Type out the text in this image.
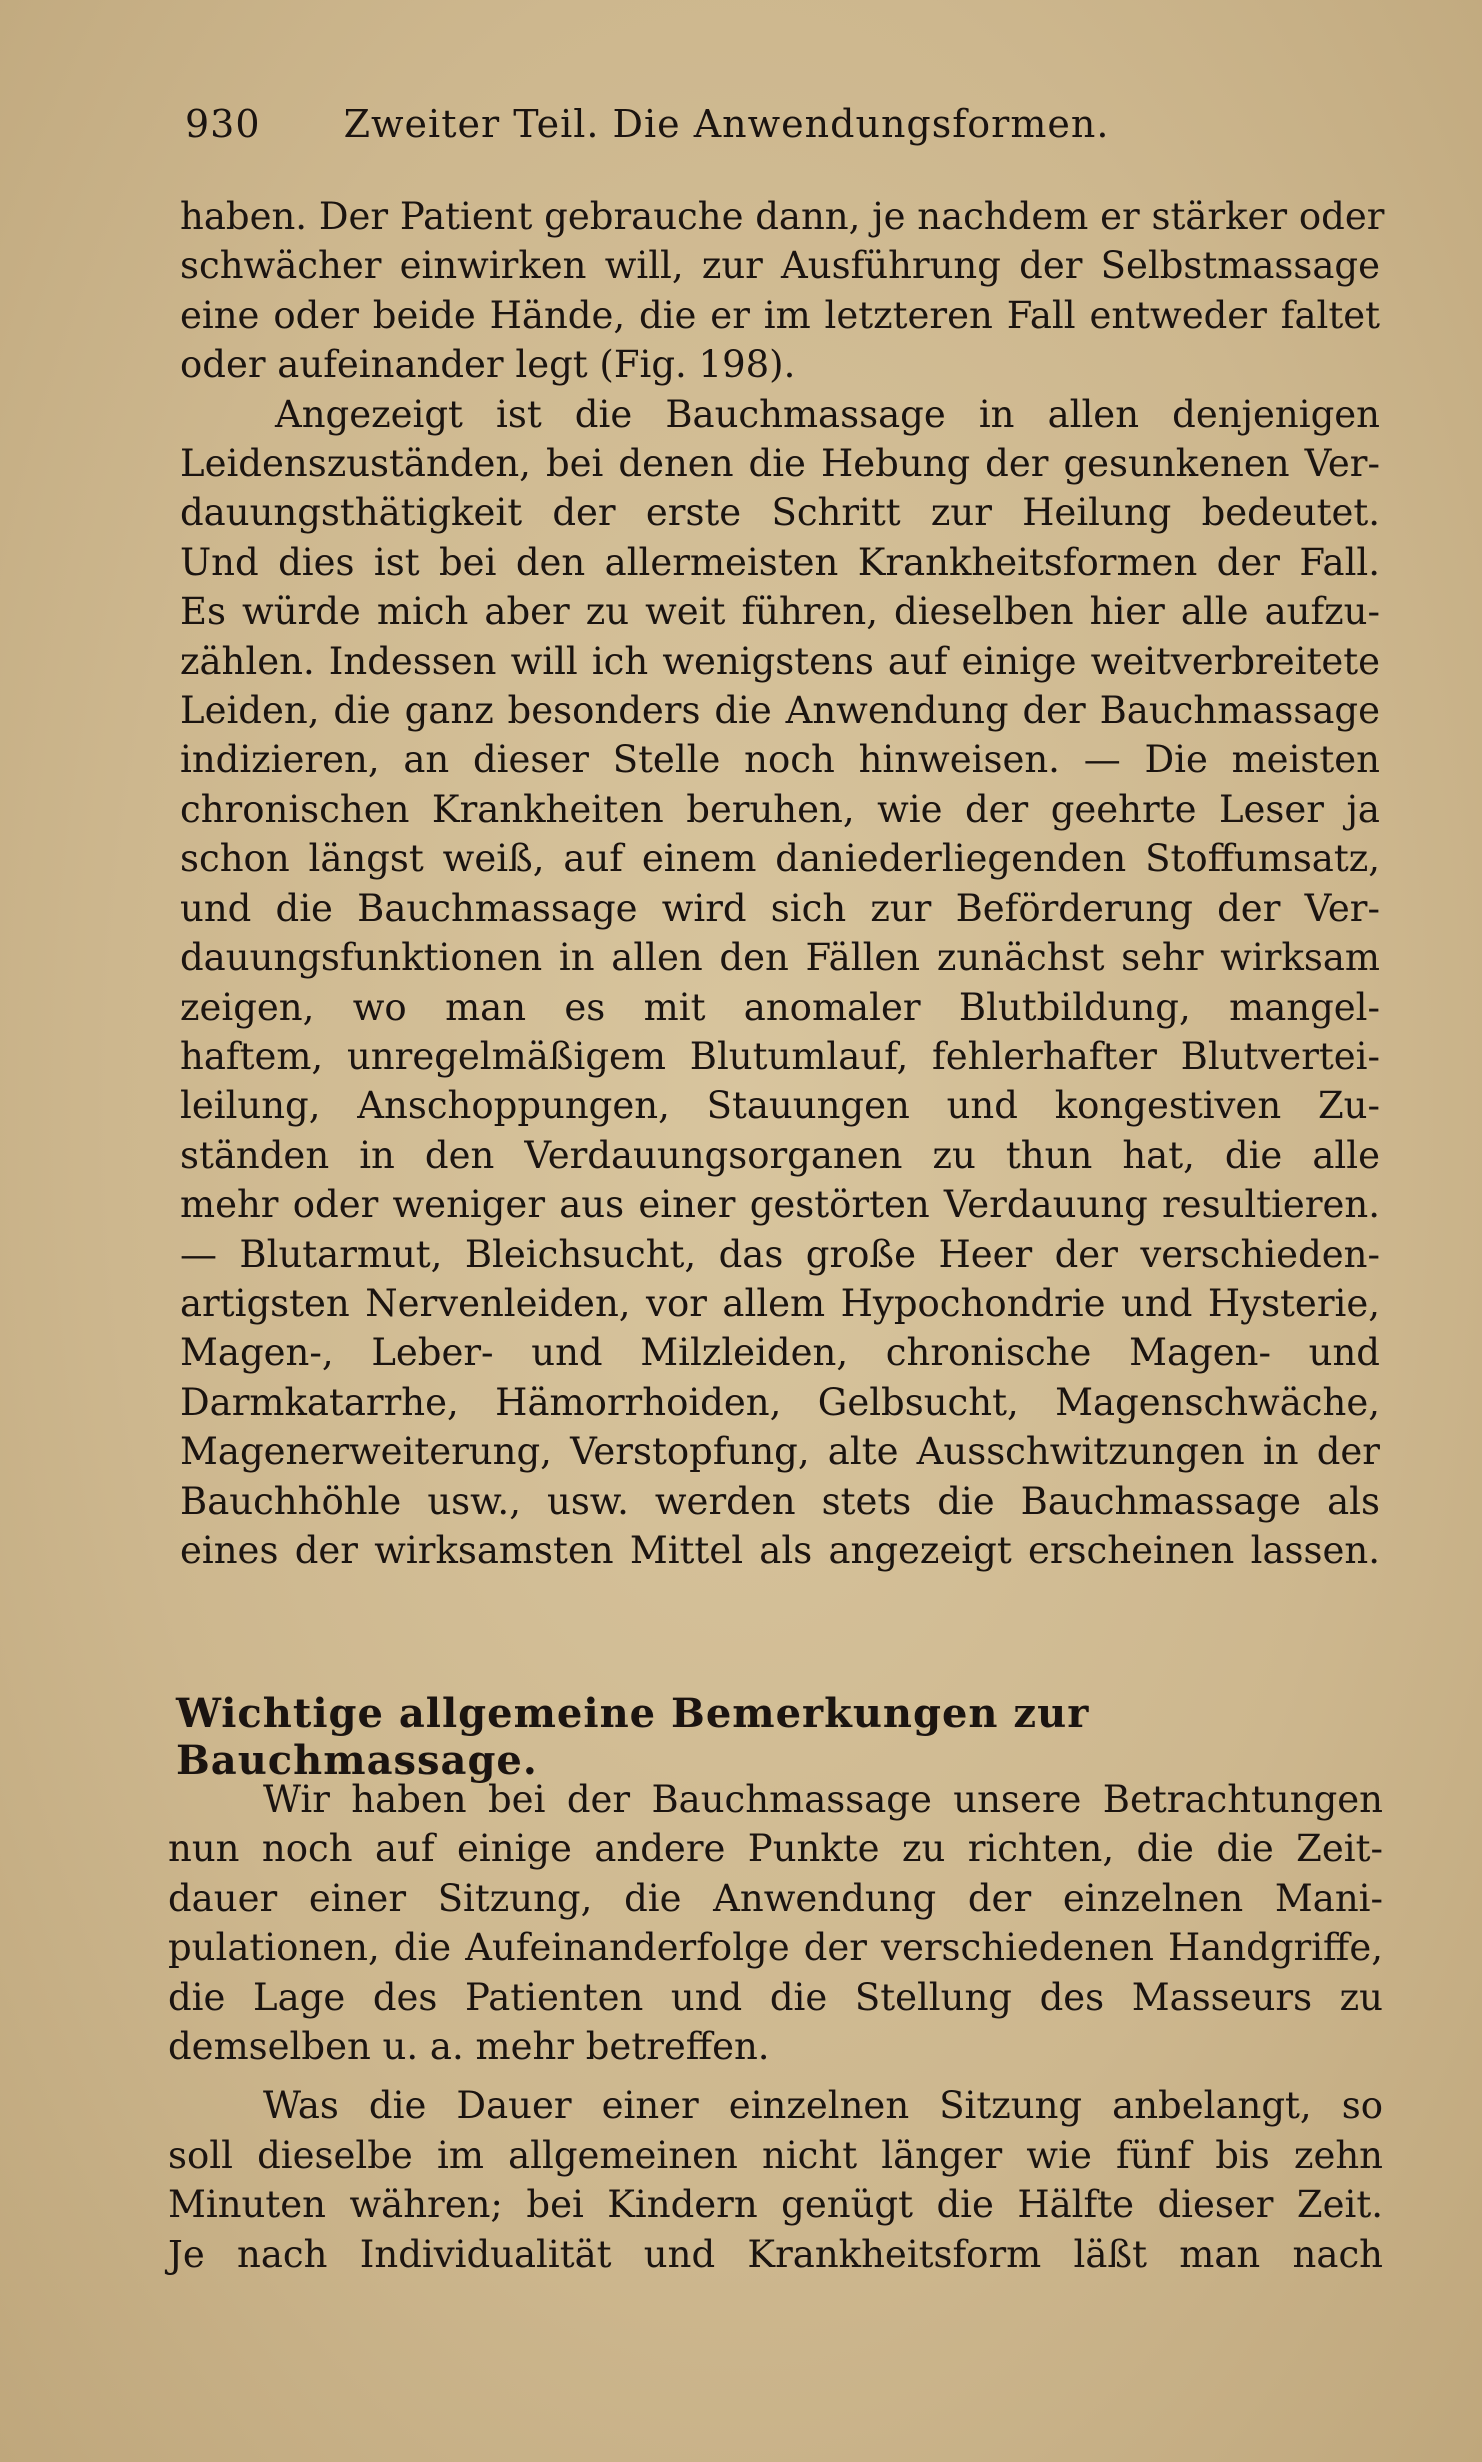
930 Zweiter Teil. Die Anwendungsformen.
haben. Der Patient gebrauche dann, je nachdem er stärker oder
schwächer einwirken will, zur Ausführung der Selbstmassage
eine oder beide Hände, die er im letzteren Fall entweder faltet
oder aufeinander legt (Fig. 198).
Angezeigt ist die Bauchmassage in allen denjenigen
Leidenszuständen, bei denen die Hebung der gesunkenen Ver-
dauungsthätigkeit der erste Schritt zur Heilung bedeutet.
Und dies ist bei den allermeisten Krankheitsformen der Fall.
Es würde mich aber zu weit führen, dieselben hier alle aufzu-
zählen. Indessen will ich wenigstens auf einige weitverbreitete
Leiden, die ganz besonders die Anwendung der Bauchmassage
indizieren, an dieser Stelle noch hinweisen. — Die meisten
chronischen Krankheiten beruhen, wie der geehrte Leser ja
schon längst weiß, auf einem daniederliegenden Stoffumsatz,
und die Bauchmassage wird sich zur Beförderung der Ver-
dauungsfunktionen in allen den Fällen zunächst sehr wirksam
zeigen, wo man es mit anomaler Blutbildung, mangel-
haftem, unregelmäßigem Blutumlauf, fehlerhafter Blutvertei-
leilung, Anschoppungen, Stauungen und kongestiven Zu-
ständen in den Verdauungsorganen zu thun hat, die alle
mehr oder weniger aus einer gestörten Verdauung resultieren.
— Blutarmut, Bleichsucht, das große Heer der verschieden-
artigsten Nervenleiden, vor allem Hypochondrie und Hysterie,
Magen-, Leber- und Milzleiden, chronische Magen- und
Darmkatarrhe, Hämorrhoiden, Gelbsucht, Magenschwäche,
Magenerweiterung, Verstopfung, alte Ausschwitzungen in der
Bauchhöhle usw., usw. werden stets die Bauchmassage als
eines der wirksamsten Mittel als angezeigt erscheinen lassen.
Wichtige allgemeine Bemerkungen zur Bauchmassage.
Wir haben bei der Bauchmassage unsere Betrachtungen
nun noch auf einige andere Punkte zu richten, die die Zeit-
dauer einer Sitzung, die Anwendung der einzelnen Mani-
pulationen, die Aufeinanderfolge der verschiedenen Handgriffe,
die Lage des Patienten und die Stellung des Masseurs zu
demselben u. a. mehr betreffen.
Was die Dauer einer einzelnen Sitzung anbelangt, so
soll dieselbe im allgemeinen nicht länger wie fünf bis zehn
Minuten währen; bei Kindern genügt die Hälfte dieser Zeit.
Je nach Individualität und Krankheitsform läßt man nach
